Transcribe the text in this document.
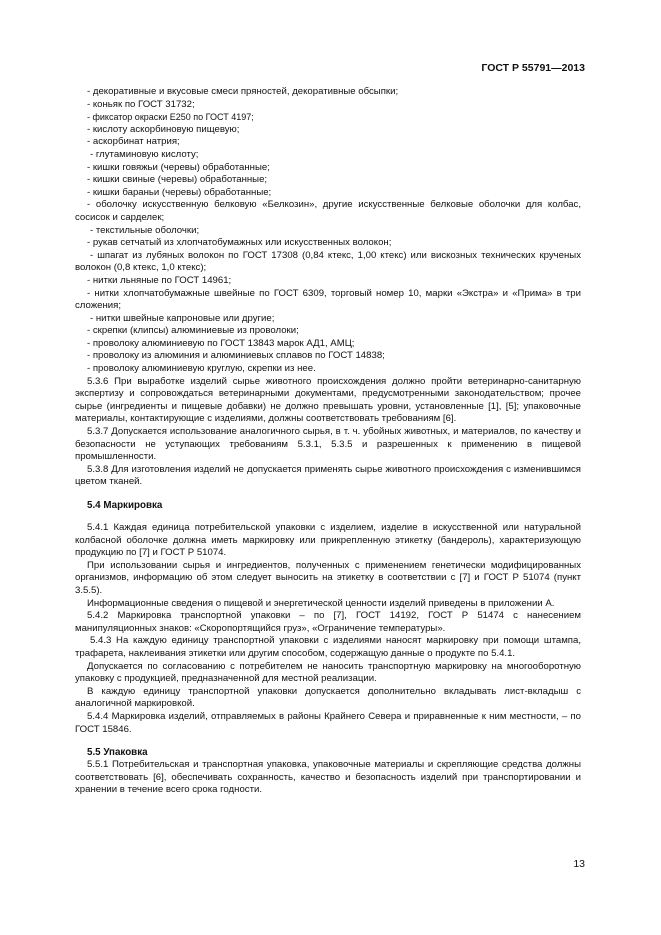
ГОСТ Р 55791—2013

- декоративные и вкусовые смеси пряностей, декоративные обсыпки;

- коньяк по ГОСТ 31732;

- фиксатор окраски Е250 по ГОСТ 4197;

- кислоту аскорбиновую пищевую;

- аскорбинат натрия;

- глутаминовую кислоту;

- кишки говяжьи (черевы) обработанные;

- кишки свиные (черевы) обработанные;

- кишки бараньи (черевы) обработанные;

- оболочку искусственную белковую «Белкозин», другие искусственные белковые оболочки для колбас, сосисок и сарделек;

- текстильные оболочки;

- рукав сетчатый из хлопчатобумажных или искусственных волокон;

- шпагат из лубяных волокон по ГОСТ 17308 (0,84 ктекс, 1,00 ктекс) или вискозных технических крученых волокон (0,8 ктекс, 1,0 ктекс);

- нитки льняные по ГОСТ 14961;

- нитки хлопчатобумажные швейные по ГОСТ 6309, торговый номер 10, марки «Экстра» и «Прима» в три сложения;

- нитки швейные капроновые или другие;

- скрепки (клипсы) алюминиевые из проволоки;

- проволоку алюминиевую по ГОСТ 13843 марок АД1, АМЦ;

- проволоку из алюминия и алюминиевых сплавов по ГОСТ 14838;

- проволоку алюминиевую круглую, скрепки из нее.

5.3.6 При выработке изделий сырье животного происхождения должно пройти ветеринарно-санитарную экспертизу и сопровождаться ветеринарными документами, предусмотренными законодательством; прочее сырье (ингредиенты и пищевые добавки) не должно превышать уровни, установленные [1], [5]; упаковочные материалы, контактирующие с изделиями, должны соответствовать требованиям [6].

5.3.7 Допускается использование аналогичного сырья, в т. ч. убойных животных, и материалов, по качеству и безопасности не уступающих требованиям 5.3.1, 5.3.5 и разрешенных к применению в пищевой промышленности.

5.3.8 Для изготовления изделий не допускается применять сырье животного происхождения с изменившимся цветом тканей.

5.4 Маркировка

5.4.1 Каждая единица потребительской упаковки с изделием, изделие в искусственной или натуральной колбасной оболочке должна иметь маркировку или прикрепленную этикетку (бандероль), характеризующую продукцию по [7] и ГОСТ Р 51074.

При использовании сырья и ингредиентов, полученных с применением генетически модифицированных организмов, информацию об этом следует выносить на этикетку в соответствии с [7] и ГОСТ Р 51074 (пункт 3.5.5).

Информационные сведения о пищевой и энергетической ценности изделий приведены в приложении А.

5.4.2 Маркировка транспортной упаковки – по [7], ГОСТ 14192, ГОСТ Р 51474 с нанесением манипуляционных знаков: «Скоропортящийся груз», «Ограничение температуры».

5.4.3 На каждую единицу транспортной упаковки с изделиями наносят маркировку при помощи штампа, трафарета, наклеивания этикетки или другим способом, содержащую данные о продукте по 5.4.1.

Допускается по согласованию с потребителем не наносить транспортную маркировку на многооборотную упаковку с продукцией, предназначенной для местной реализации.

В каждую единицу транспортной упаковки допускается дополнительно вкладывать лист-вкладыш с аналогичной маркировкой.

5.4.4 Маркировка изделий, отправляемых в районы Крайнего Севера и приравненные к ним местности, – по ГОСТ 15846.

5.5 Упаковка

5.5.1 Потребительская и транспортная упаковка, упаковочные материалы и скрепляющие средства должны соответствовать [6], обеспечивать сохранность, качество и безопасность изделий при транспортировании и хранении в течение всего срока годности.

13
